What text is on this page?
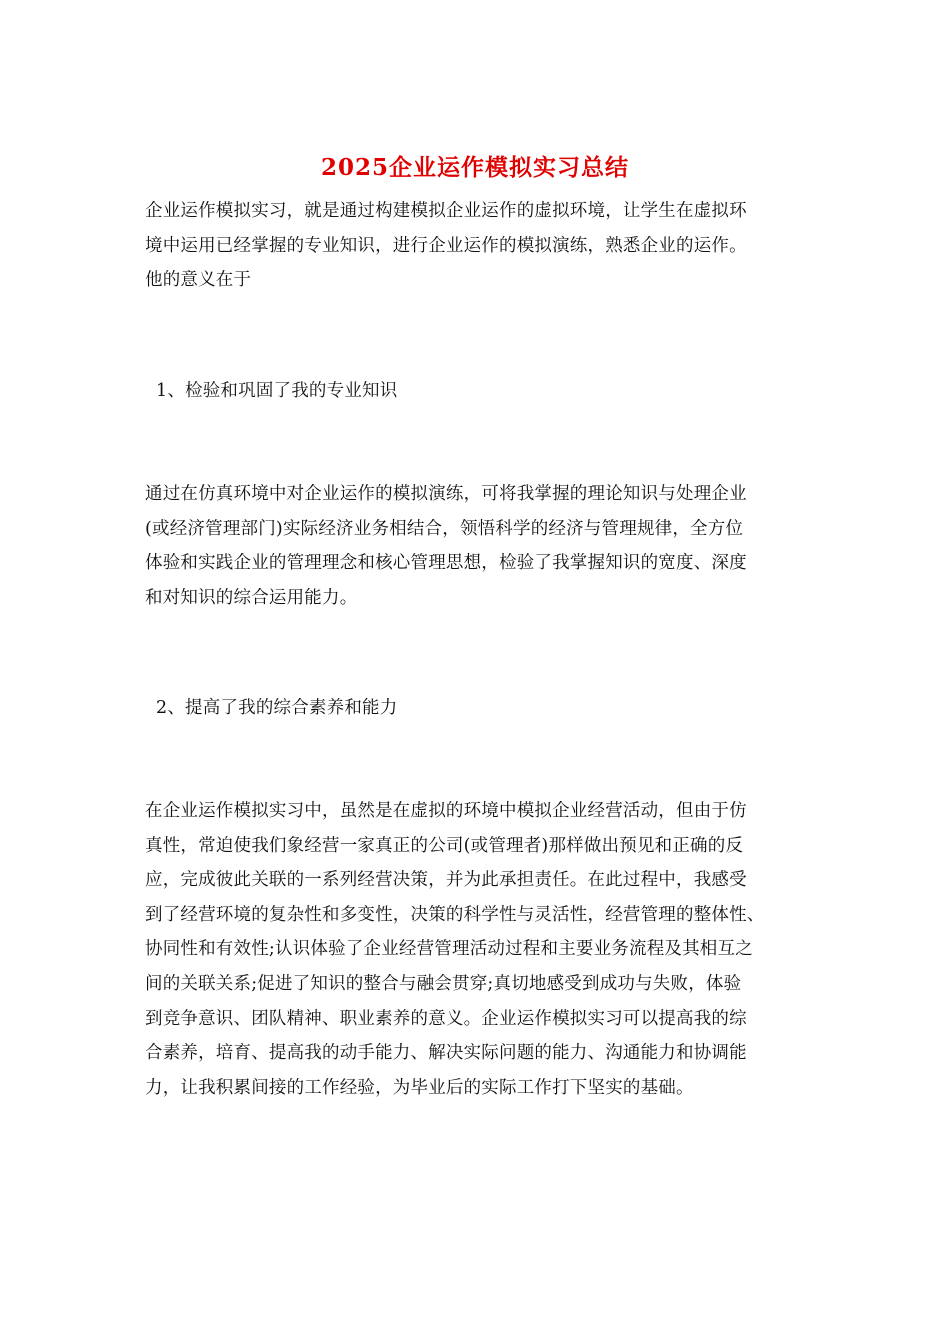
2025企业运作模拟实习总结
企业运作模拟实习，就是通过构建模拟企业运作的虚拟环境，让学生在虚拟环
境中运用已经掌握的专业知识，进行企业运作的模拟演练，熟悉企业的运作。
他的意义在于
1、检验和巩固了我的专业知识
通过在仿真环境中对企业运作的模拟演练，可将我掌握的理论知识与处理企业
(或经济管理部门)实际经济业务相结合，领悟科学的经济与管理规律，全方位
体验和实践企业的管理理念和核心管理思想，检验了我掌握知识的宽度、深度
和对知识的综合运用能力。
2、提高了我的综合素养和能力
在企业运作模拟实习中，虽然是在虚拟的环境中模拟企业经营活动，但由于仿
真性，常迫使我们象经营一家真正的公司(或管理者)那样做出预见和正确的反
应，完成彼此关联的一系列经营决策，并为此承担责任。在此过程中，我感受
到了经营环境的复杂性和多变性，决策的科学性与灵活性，经营管理的整体性、
协同性和有效性;认识体验了企业经营管理活动过程和主要业务流程及其相互之
间的关联关系;促进了知识的整合与融会贯穿;真切地感受到成功与失败，体验
到竞争意识、团队精神、职业素养的意义。企业运作模拟实习可以提高我的综
合素养，培育、提高我的动手能力、解决实际问题的能力、沟通能力和协调能
力，让我积累间接的工作经验，为毕业后的实际工作打下坚实的基础。
